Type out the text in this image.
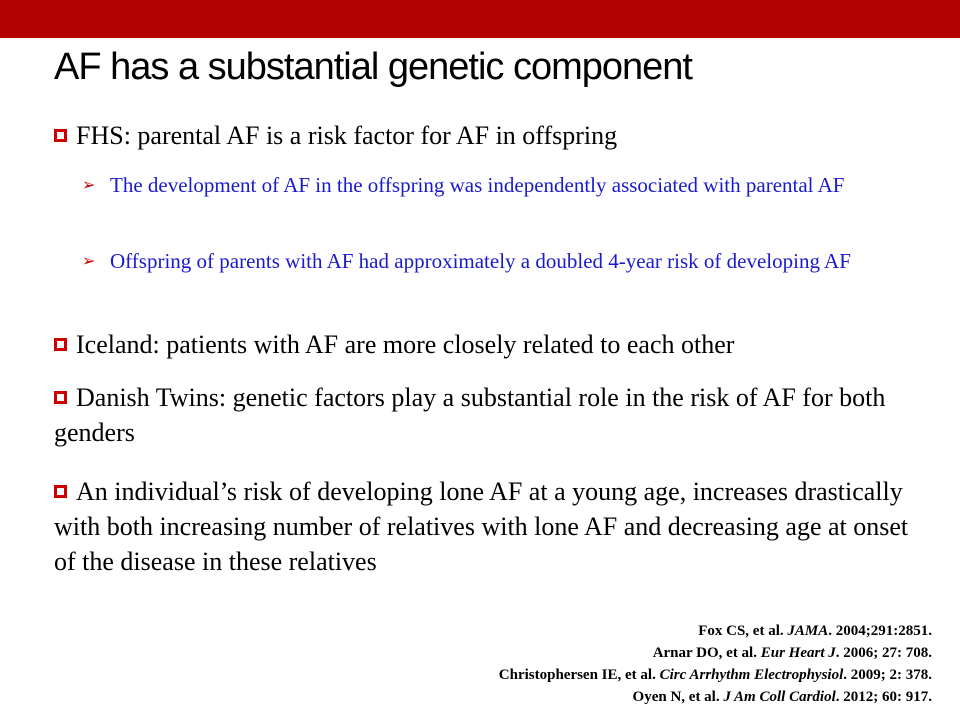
AF has a substantial genetic component

FHS: parental AF is a risk factor for AF in offspring

➢ The development of AF in the offspring was independently associated with parental AF
➢ Offspring of parents with AF had approximately a doubled 4-year risk of developing AF

Iceland: patients with AF are more closely related to each other

Danish Twins: genetic factors play a substantial role in the risk of AF for both genders

An individual’s risk of developing lone AF at a young age, increases drastically with both increasing number of relatives with lone AF and decreasing age at onset of the disease in these relatives

Fox CS, et al. JAMA. 2004;291:2851.
Arnar DO, et al. Eur Heart J. 2006; 27: 708.
Christophersen IE, et al. Circ Arrhythm Electrophysiol. 2009; 2: 378.
Oyen N, et al. J Am Coll Cardiol. 2012; 60: 917.
